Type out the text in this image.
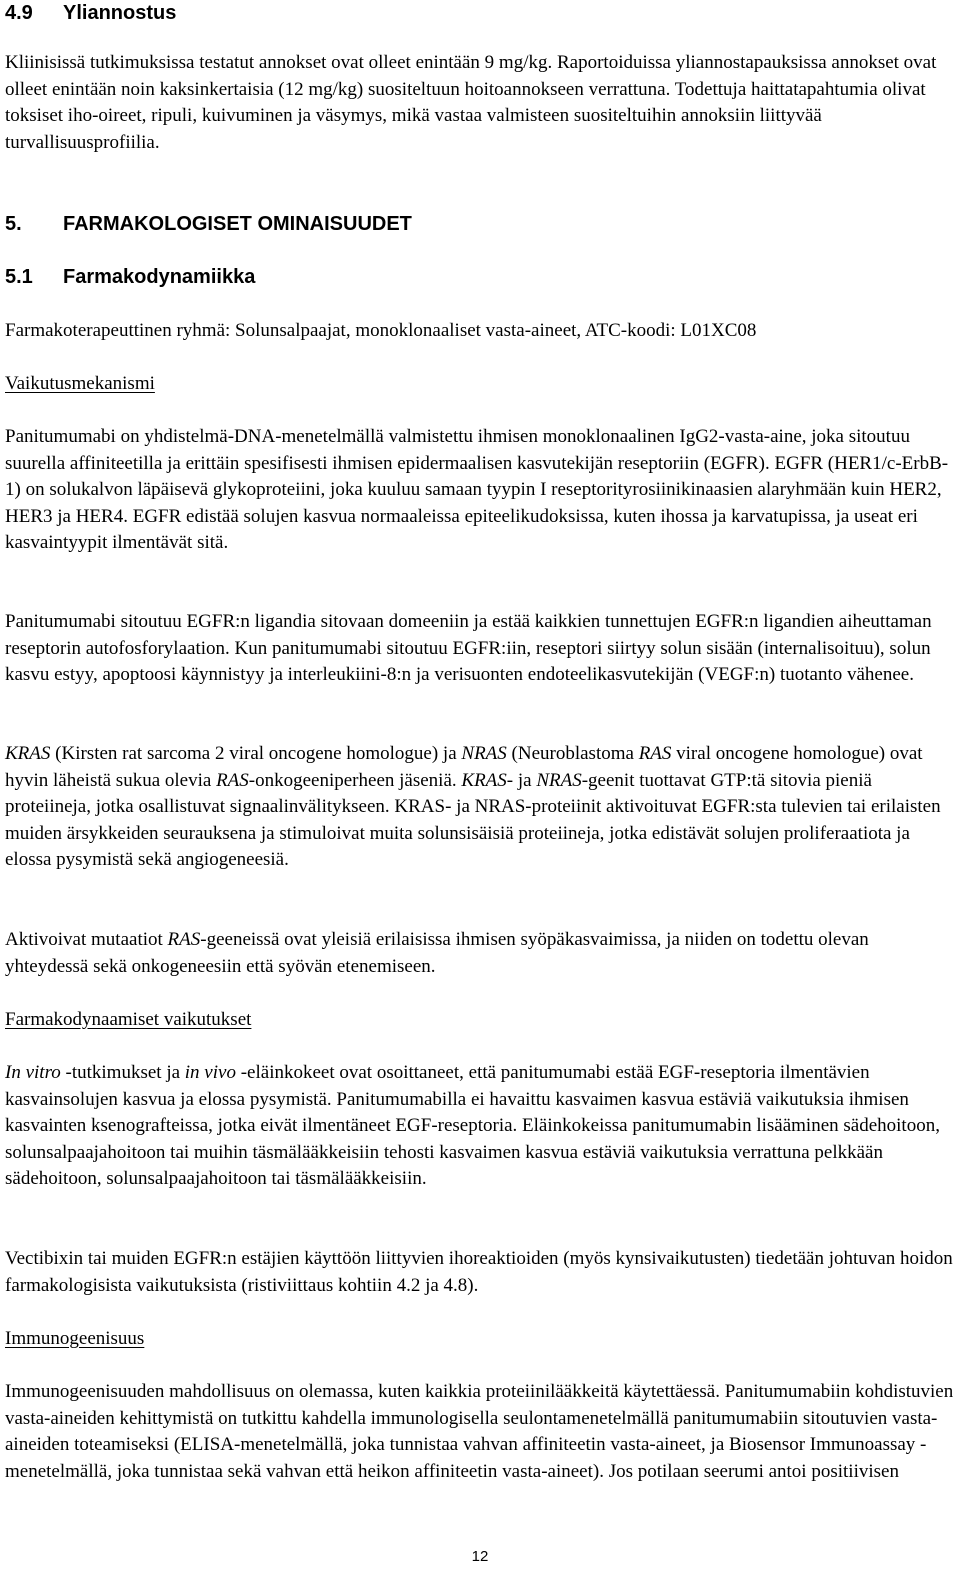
4.9 Yliannostus

Kliinisissä tutkimuksissa testatut annokset ovat olleet enintään 9 mg/kg. Raportoiduissa yliannostapauksissa annokset ovat olleet enintään noin kaksinkertaisia (12 mg/kg) suositeltuun hoitoannokseen verrattuna. Todettuja haittatapahtumia olivat toksiset iho-oireet, ripuli, kuivuminen ja väsymys, mikä vastaa valmisteen suositeltuihin annoksiin liittyvää turvallisuusprofiilia.

5. FARMAKOLOGISET OMINAISUUDET
5.1 Farmakodynamiikka

Farmakoterapeuttinen ryhmä: Solunsalpaajat, monoklonaaliset vasta-aineet, ATC-koodi: L01XC08

Vaikutusmekanismi

Panitumumabi on yhdistelmä-DNA-menetelmällä valmistettu ihmisen monoklonaalinen IgG2-vasta-aine, joka sitoutuu suurella affiniteetilla ja erittäin spesifisesti ihmisen epidermaalisen kasvutekijän reseptoriin (EGFR). EGFR (HER1/c-ErbB-1) on solukalvon läpäisevä glykoproteiini, joka kuuluu samaan tyypin I reseptorityrosiinikinaasien alaryhmään kuin HER2, HER3 ja HER4. EGFR edistää solujen kasvua normaaleissa epiteelikudoksissa, kuten ihossa ja karvatupissa, ja useat eri kasvaintyypit ilmentävät sitä.

Panitumumabi sitoutuu EGFR:n ligandia sitovaan domeeniin ja estää kaikkien tunnettujen EGFR:n ligandien aiheuttaman reseptorin autofosforylaation. Kun panitumumabi sitoutuu EGFR:iin, reseptori siirtyy solun sisään (internalisoituu), solun kasvu estyy, apoptoosi käynnistyy ja interleukiini-8:n ja verisuonten endoteelikasvutekijän (VEGF:n) tuotanto vähenee.

KRAS (Kirsten rat sarcoma 2 viral oncogene homologue) ja NRAS (Neuroblastoma RAS viral oncogene homologue) ovat hyvin läheistä sukua olevia RAS-onkogeeniperheen jäseniä. KRAS- ja NRAS-geenit tuottavat GTP:tä sitovia pieniä proteiineja, jotka osallistuvat signaalinvälitykseen. KRAS- ja NRAS-proteiinit aktivoituvat EGFR:sta tulevien tai erilaisten muiden ärsykkeiden seurauksena ja stimuloivat muita solunsisäisiä proteiineja, jotka edistävät solujen proliferaatiota ja elossa pysymistä sekä angiogeneesiä.

Aktivoivat mutaatiot RAS-geeneissä ovat yleisiä erilaisissa ihmisen syöpäkasvaimissa, ja niiden on todettu olevan yhteydessä sekä onkogeneesiin että syövän etenemiseen.

Farmakodynaamiset vaikutukset

In vitro -tutkimukset ja in vivo -eläinkokeet ovat osoittaneet, että panitumumabi estää EGF-reseptoria ilmentävien kasvainsolujen kasvua ja elossa pysymistä. Panitumumabilla ei havaittu kasvaimen kasvua estäviä vaikutuksia ihmisen kasvainten ksenografteissa, jotka eivät ilmentäneet EGF-reseptoria. Eläinkokeissa panitumumabin lisääminen sädehoitoon, solunsalpaajahoitoon tai muihin täsmälääkkeisiin tehosti kasvaimen kasvua estäviä vaikutuksia verrattuna pelkkään sädehoitoon, solunsalpaajahoitoon tai täsmälääkkeisiin.

Vectibixin tai muiden EGFR:n estäjien käyttöön liittyvien ihoreaktioiden (myös kynsivaikutusten) tiedetään johtuvan hoidon farmakologisista vaikutuksista (ristiviittaus kohtiin 4.2 ja 4.8).

Immunogeenisuus

Immunogeenisuuden mahdollisuus on olemassa, kuten kaikkia proteiinilääkkeitä käytettäessä. Panitumumabiin kohdistuvien vasta-aineiden kehittymistä on tutkittu kahdella immunologisella seulontamenetelmällä panitumumabiin sitoutuvien vasta-aineiden toteamiseksi (ELISA-menetelmällä, joka tunnistaa vahvan affiniteetin vasta-aineet, ja Biosensor Immunoassay -menetelmällä, joka tunnistaa sekä vahvan että heikon affiniteetin vasta-aineet). Jos potilaan seerumi antoi positiivisen

12
